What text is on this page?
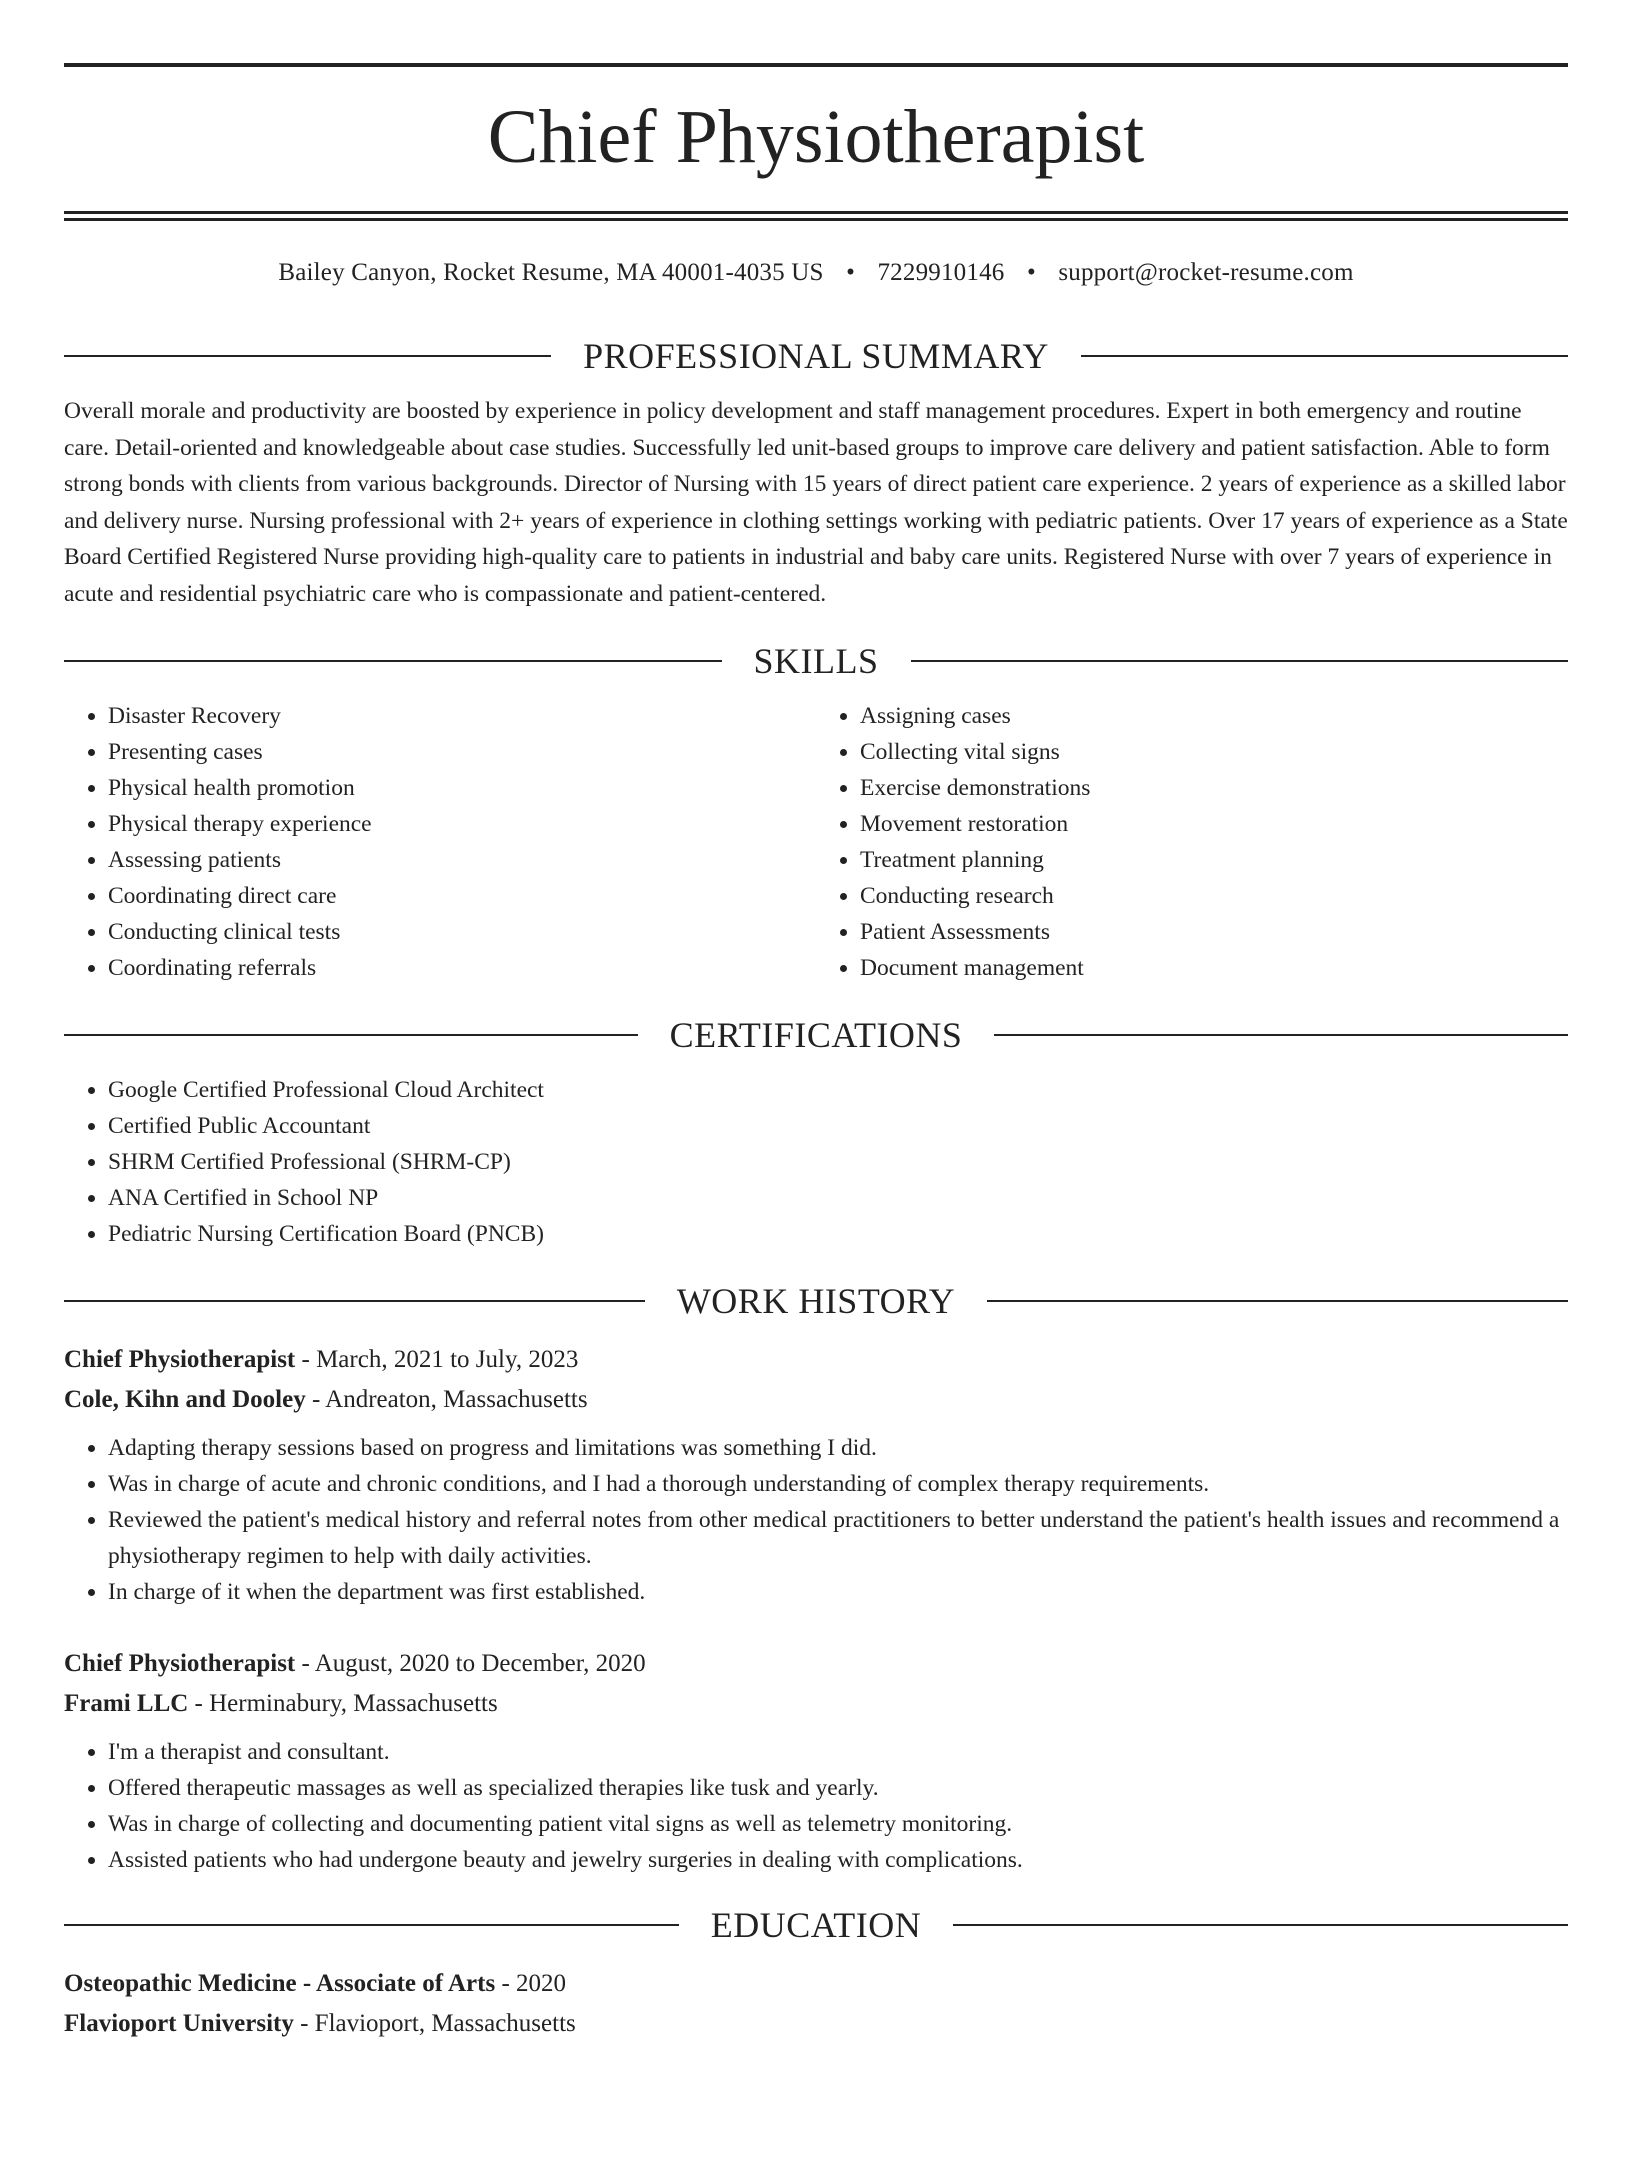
Chief Physiotherapist
Bailey Canyon, Rocket Resume, MA 40001-4035 US • 7229910146 • support@rocket-resume.com
PROFESSIONAL SUMMARY

Overall morale and productivity are boosted by experience in policy development and staff management procedures. Expert in both emergency and routine care. Detail-oriented and knowledgeable about case studies. Successfully led unit-based groups to improve care delivery and patient satisfaction. Able to form strong bonds with clients from various backgrounds. Director of Nursing with 15 years of direct patient care experience. 2 years of experience as a skilled labor and delivery nurse. Nursing professional with 2+ years of experience in clothing settings working with pediatric patients. Over 17 years of experience as a State Board Certified Registered Nurse providing high-quality care to patients in industrial and baby care units. Registered Nurse with over 7 years of experience in acute and residential psychiatric care who is compassionate and patient-centered.

SKILLS
• Disaster Recovery
• Presenting cases
• Physical health promotion
• Physical therapy experience
• Assessing patients
• Coordinating direct care
• Conducting clinical tests
• Coordinating referrals
• Assigning cases
• Collecting vital signs
• Exercise demonstrations
• Movement restoration
• Treatment planning
• Conducting research
• Patient Assessments
• Document management
CERTIFICATIONS
• Google Certified Professional Cloud Architect
• Certified Public Accountant
• SHRM Certified Professional (SHRM-CP)
• ANA Certified in School NP
• Pediatric Nursing Certification Board (PNCB)
WORK HISTORY
Chief Physiotherapist - March, 2021 to July, 2023
Cole, Kihn and Dooley - Andreaton, Massachusetts
• Adapting therapy sessions based on progress and limitations was something I did.
• Was in charge of acute and chronic conditions, and I had a thorough understanding of complex therapy requirements.
• Reviewed the patient's medical history and referral notes from other medical practitioners to better understand the patient's health issues and recommend a physiotherapy regimen to help with daily activities.
• In charge of it when the department was first established.
Chief Physiotherapist - August, 2020 to December, 2020
Frami LLC - Herminabury, Massachusetts
• I'm a therapist and consultant.
• Offered therapeutic massages as well as specialized therapies like tusk and yearly.
• Was in charge of collecting and documenting patient vital signs as well as telemetry monitoring.
• Assisted patients who had undergone beauty and jewelry surgeries in dealing with complications.
EDUCATION
Osteopathic Medicine - Associate of Arts - 2020
Flavioport University - Flavioport, Massachusetts
